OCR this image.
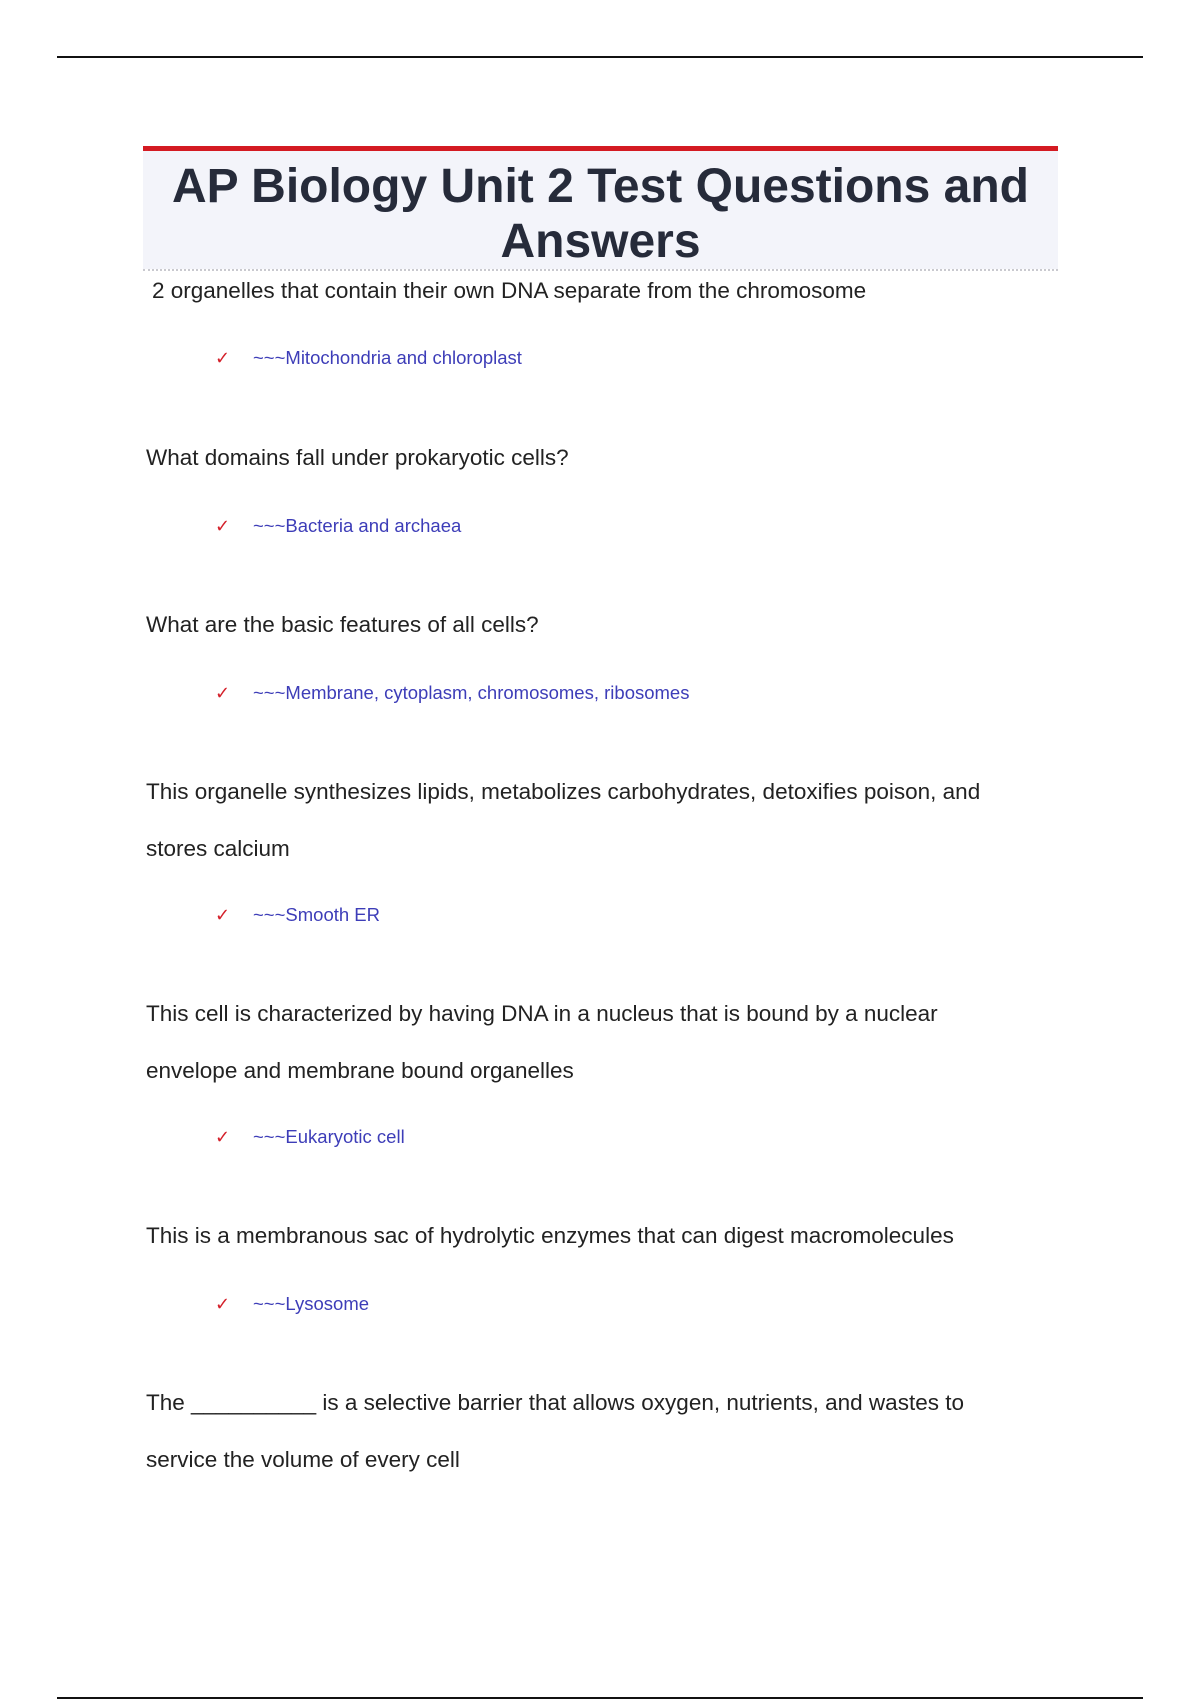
AP Biology Unit 2 Test Questions and Answers
2 organelles that contain their own DNA separate from the chromosome
✓ ~~~Mitochondria and chloroplast
What domains fall under prokaryotic cells?
✓ ~~~Bacteria and archaea
What are the basic features of all cells?
✓ ~~~Membrane, cytoplasm, chromosomes, ribosomes
This organelle synthesizes lipids, metabolizes carbohydrates, detoxifies poison, and
stores calcium
✓ ~~~Smooth ER
This cell is characterized by having DNA in a nucleus that is bound by a nuclear
envelope and membrane bound organelles
✓ ~~~Eukaryotic cell
This is a membranous sac of hydrolytic enzymes that can digest macromolecules
✓ ~~~Lysosome
The __________ is a selective barrier that allows oxygen, nutrients, and wastes to
service the volume of every cell
